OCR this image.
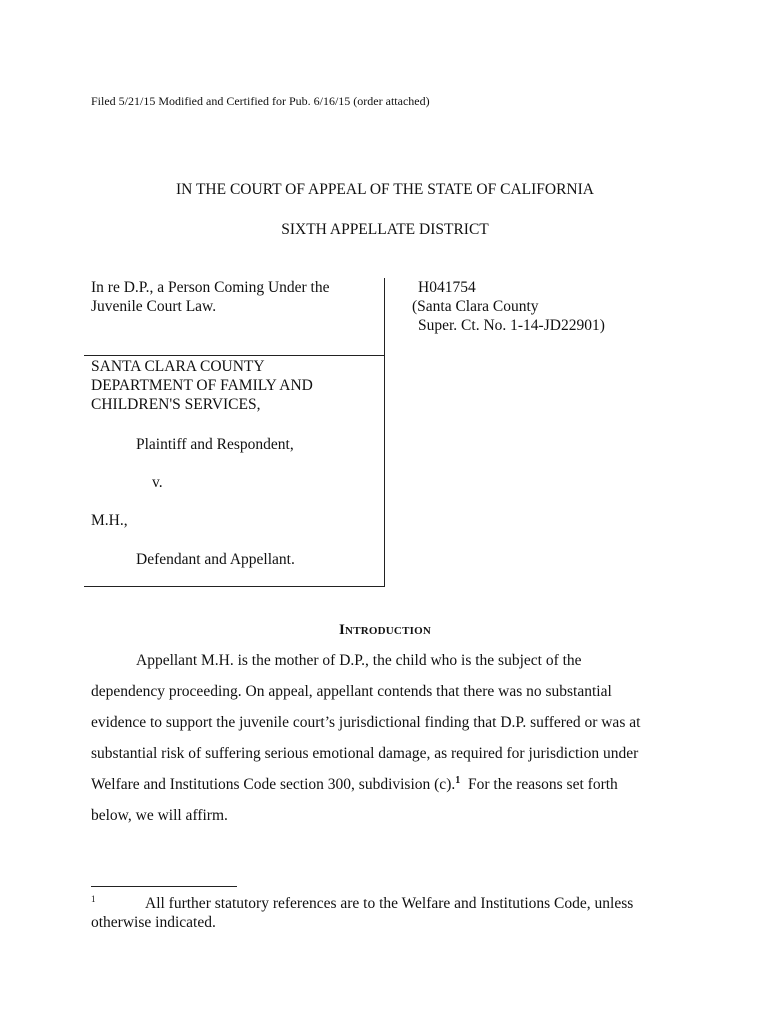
Filed 5/21/15 Modified and Certified for Pub. 6/16/15 (order attached)
IN THE COURT OF APPEAL OF THE STATE OF CALIFORNIA
SIXTH APPELLATE DISTRICT
In re D.P., a Person Coming Under the
Juvenile Court Law.
H041754
(Santa Clara County
Super. Ct. No. 1-14-JD22901)
SANTA CLARA COUNTY
DEPARTMENT OF FAMILY AND
CHILDREN'S SERVICES,
Plaintiff and Respondent,
v.
M.H.,
Defendant and Appellant.
Introduction
Appellant M.H. is the mother of D.P., the child who is the subject of the
dependency proceeding. On appeal, appellant contends that there was no substantial
evidence to support the juvenile court’s jurisdictional finding that D.P. suffered or was at
substantial risk of suffering serious emotional damage, as required for jurisdiction under
Welfare and Institutions Code section 300, subdivision (c).$^1$  For the reasons set forth
below, we will affirm.
1	All further statutory references are to the Welfare and Institutions Code, unless
otherwise indicated.
